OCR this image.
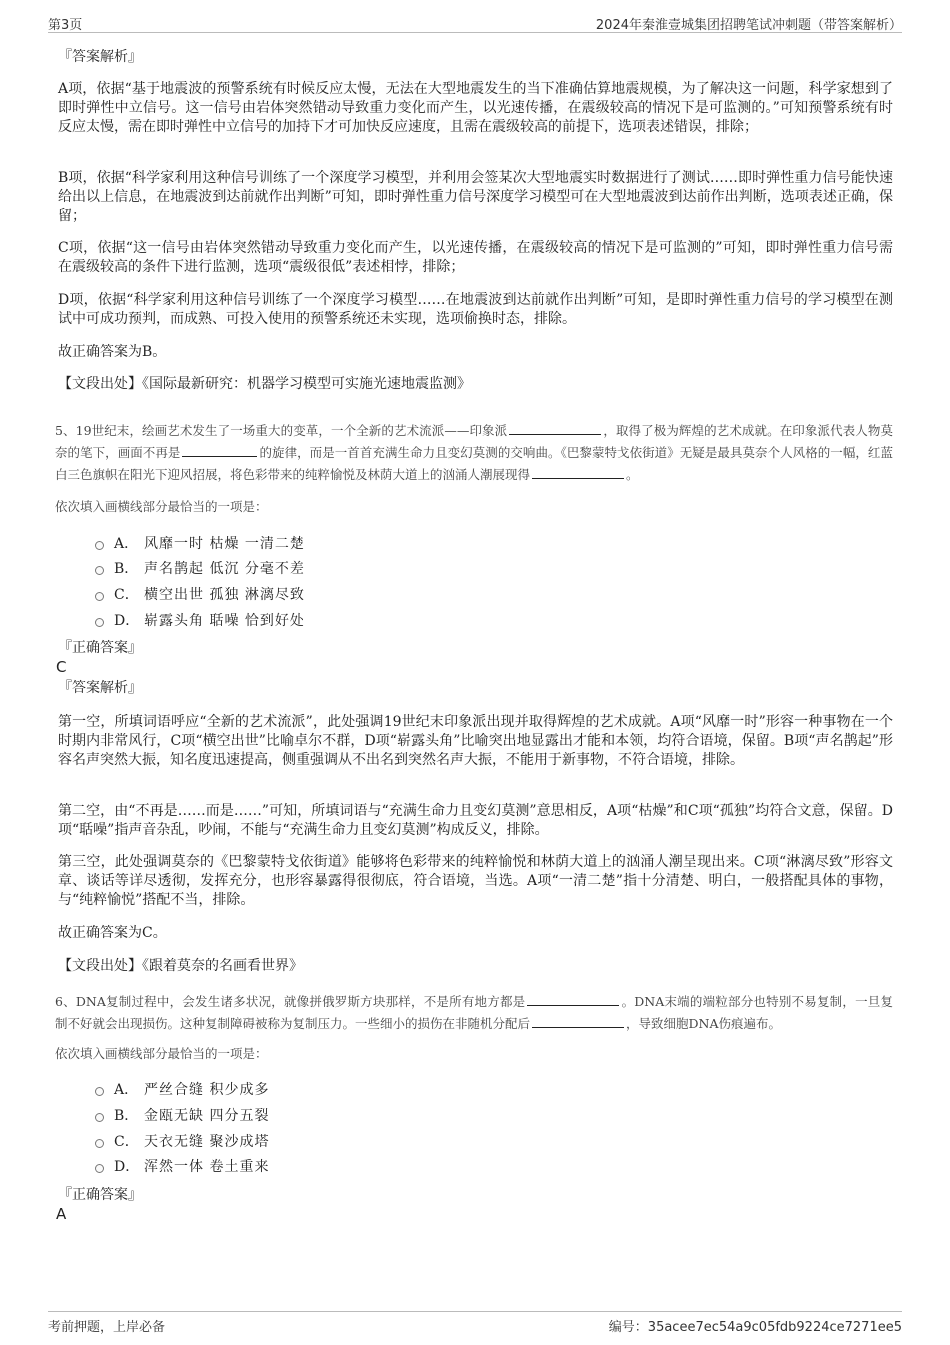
第3页	2024年秦淮壹城集团招聘笔试冲刺题（带答案解析）
『答案解析』
A项，依据“基于地震波的预警系统有时候反应太慢，无法在大型地震发生的当下准确估算地震规模，为了解决这一问题，科学家想到了即时弹性中立信号。这一信号由岩体突然错动导致重力变化而产生，以光速传播，在震级较高的情况下是可监测的。”可知预警系统有时反应太慢，需在即时弹性中立信号的加持下才可加快反应速度，且需在震级较高的前提下，选项表述错误，排除；
B项，依据“科学家利用这种信号训练了一个深度学习模型，并利用会签某次大型地震实时数据进行了测试……即时弹性重力信号能快速给出以上信息，在地震波到达前就作出判断”可知，即时弹性重力信号深度学习模型可在大型地震波到达前作出判断，选项表述正确，保留；
C项，依据“这一信号由岩体突然错动导致重力变化而产生，以光速传播，在震级较高的情况下是可监测的”可知，即时弹性重力信号需在震级较高的条件下进行监测，选项“震级很低”表述相悖，排除；
D项，依据“科学家利用这种信号训练了一个深度学习模型……在地震波到达前就作出判断”可知，是即时弹性重力信号的学习模型在测试中可成功预判，而成熟、可投入使用的预警系统还未实现，选项偷换时态，排除。
故正确答案为B。
【文段出处】《国际最新研究：机器学习模型可实施光速地震监测》
5、19世纪末，绘画艺术发生了一场重大的变革，一个全新的艺术流派——印象派	，取得了极为辉煌的艺术成就。在印象派代表人物莫奈的笔下，画面不再是	的旋律，而是一首首充满生命力且变幻莫测的交响曲。《巴黎蒙特戈依街道》无疑是最具莫奈个人风格的一幅，红蓝白三色旗帜在阳光下迎风招展，将色彩带来的纯粹愉悦及林荫大道上的汹涌人潮展现得	。
依次填入画横线部分最恰当的一项是：
A． 风靡一时 枯燥 一清二楚
B． 声名鹊起 低沉 分毫不差
C． 横空出世 孤独 淋漓尽致
D． 崭露头角 聒噪 恰到好处
『正确答案』
C
『答案解析』
第一空，所填词语呼应“全新的艺术流派”，此处强调19世纪末印象派出现并取得辉煌的艺术成就。A项“风靡一时”形容一种事物在一个时期内非常风行，C项“横空出世”比喻卓尔不群，D项“崭露头角”比喻突出地显露出才能和本领，均符合语境，保留。B项“声名鹊起”形容名声突然大振，知名度迅速提高，侧重强调从不出名到突然名声大振，不能用于新事物，不符合语境，排除。
第二空，由“不再是……而是……”可知，所填词语与“充满生命力且变幻莫测”意思相反，A项“枯燥”和C项“孤独”均符合文意，保留。D项“聒噪”指声音杂乱，吵闹，不能与“充满生命力且变幻莫测”构成反义，排除。
第三空，此处强调莫奈的《巴黎蒙特戈依街道》能够将色彩带来的纯粹愉悦和林荫大道上的汹涌人潮呈现出来。C项“淋漓尽致”形容文章、谈话等详尽透彻，发挥充分，也形容暴露得很彻底，符合语境，当选。A项“一清二楚”指十分清楚、明白，一般搭配具体的事物，与“纯粹愉悦”搭配不当，排除。
故正确答案为C。
【文段出处】《跟着莫奈的名画看世界》
6、DNA复制过程中，会发生诸多状况，就像拼俄罗斯方块那样，不是所有地方都是	。DNA末端的端粒部分也特别不易复制，一旦复制不好就会出现损伤。这种复制障碍被称为复制压力。一些细小的损伤在非随机分配后	，导致细胞DNA伤痕遍布。
依次填入画横线部分最恰当的一项是：
A． 严丝合缝 积少成多
B． 金瓯无缺 四分五裂
C． 天衣无缝 聚沙成塔
D． 浑然一体 卷土重来
『正确答案』
A
考前押题，上岸必备	编号：35acee7ec54a9c05fdb9224ce7271ee5
